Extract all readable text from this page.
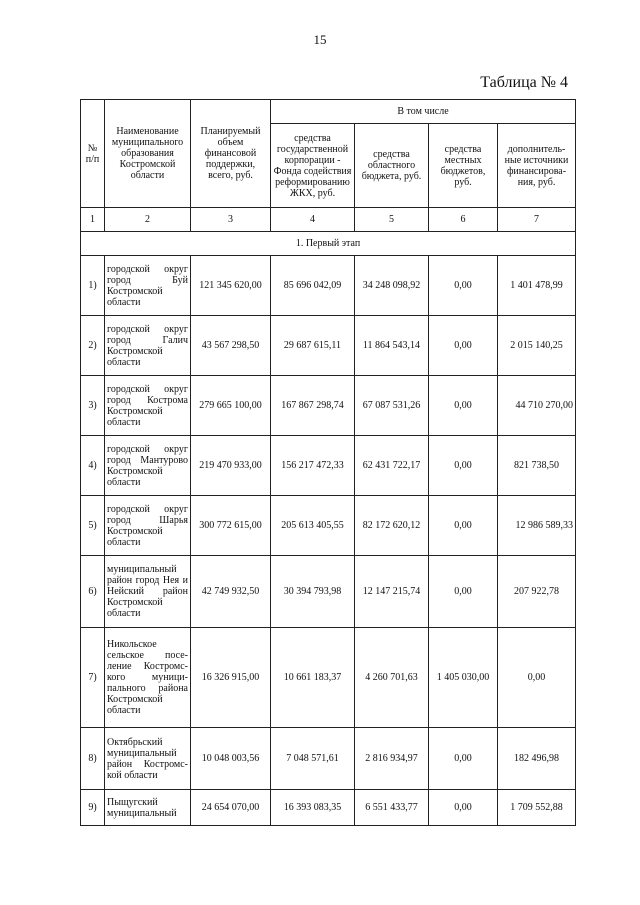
15
Таблица № 4
№ п/п	Наименование муниципального образования Костромской области	Планируемый объем финансовой поддержки, всего, руб.	В том числе			
			средства государственной корпорации - Фонда содействия реформированию ЖКХ, руб.	средства областного бюджета, руб.	средства местных бюджетов, руб.	дополнитель-ные источники финансирова-ния, руб.
1	2	3	4	5	6	7
1. Первый этап						
1)	городской округ город Буй Костромской области	121 345 620,00	85 696 042,09	34 248 098,92	0,00	1 401 478,99
2)	городской округ город Галич Костромской области	43 567 298,50	29 687 615,11	11 864 543,14	0,00	2 015 140,25
3)	городской округ город Кострома Костромской области	279 665 100,00	167 867 298,74	67 087 531,26	0,00	44 710 270,00
4)	городской округ город Мантурово Костромской области	219 470 933,00	156 217 472,33	62 431 722,17	0,00	821 738,50
5)	городской округ город Шарья Костромской области	300 772 615,00	205 613 405,55	82 172 620,12	0,00	12 986 589,33
6)	муниципальный район город Нея и Нейский район Костромской области	42 749 932,50	30 394 793,98	12 147 215,74	0,00	207 922,78
7)	Никольское сельское посе-ление Костромс-кого муници-пального района Костромской области	16 326 915,00	10 661 183,37	4 260 701,63	1 405 030,00	0,00
8)	Октябрьский муниципальный район Костромс-кой области	10 048 003,56	7 048 571,61	2 816 934,97	0,00	182 496,98
9)	Пыщугский муниципальный	24 654 070,00	16 393 083,35	6 551 433,77	0,00	1 709 552,88
